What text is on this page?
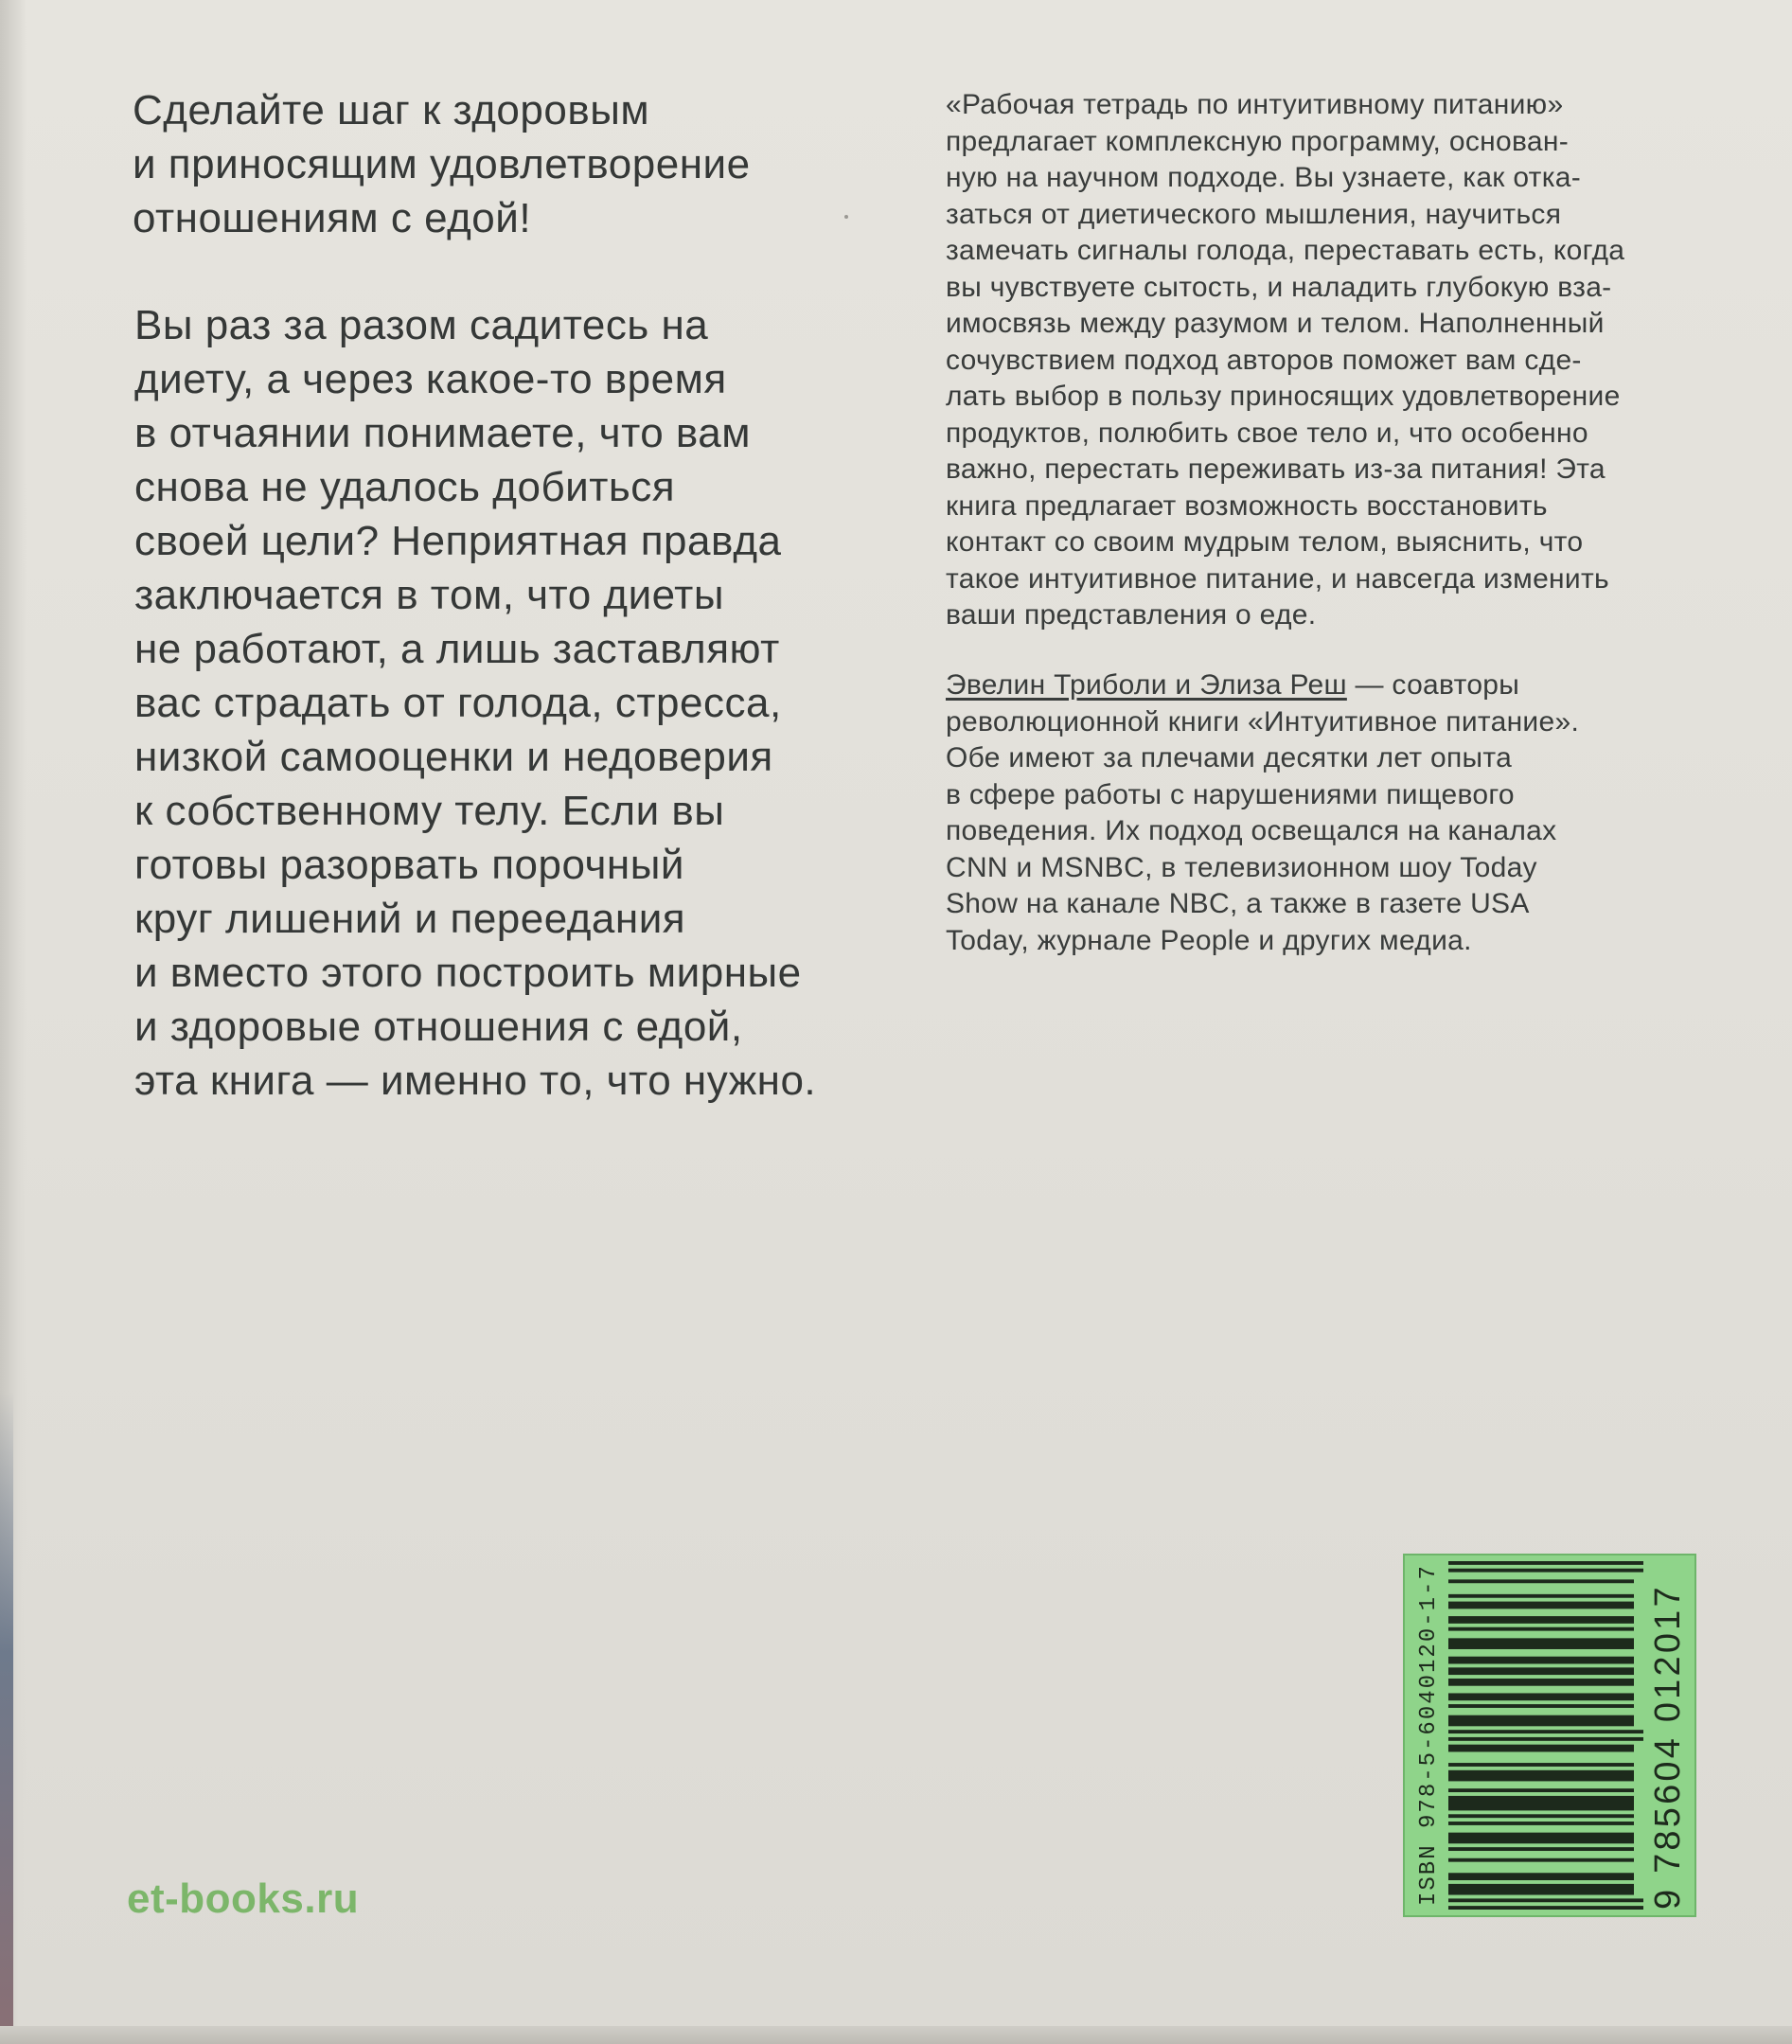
Сделайте шаг к здоровым
и приносящим удовлетворение
отношениям с едой!

Вы раз за разом садитесь на
диету, а через какое-то время
в отчаянии понимаете, что вам
снова не удалось добиться
своей цели? Неприятная правда
заключается в том, что диеты
не работают, а лишь заставляют
вас страдать от голода, стресса,
низкой самооценки и недоверия
к собственному телу. Если вы
готовы разорвать порочный
круг лишений и переедания
и вместо этого построить мирные
и здоровые отношения с едой,
эта книга — именно то, что нужно.

«Рабочая тетрадь по интуитивному питанию»
предлагает комплексную программу, основан-
ную на научном подходе. Вы узнаете, как отка-
заться от диетического мышления, научиться
замечать сигналы голода, переставать есть, когда
вы чувствуете сытость, и наладить глубокую вза-
имосвязь между разумом и телом. Наполненный
сочувствием подход авторов поможет вам сде-
лать выбор в пользу приносящих удовлетворение
продуктов, полюбить свое тело и, что особенно
важно, перестать переживать из-за питания! Эта
книга предлагает возможность восстановить
контакт со своим мудрым телом, выяснить, что
такое интуитивное питание, и навсегда изменить
ваши представления о еде.

Эвелин Триболи и Элиза Реш — соавторы
революционной книги «Интуитивное питание».
Обе имеют за плечами десятки лет опыта
в сфере работы с нарушениями пищевого
поведения. Их подход освещался на каналах
CNN и MSNBC, в телевизионном шоу Today
Show на канале NBC, а также в газете USA
Today, журнале People и других медиа.

et-books.ru	ISBN 978-5-6040120-1-7	9 785604 012017
